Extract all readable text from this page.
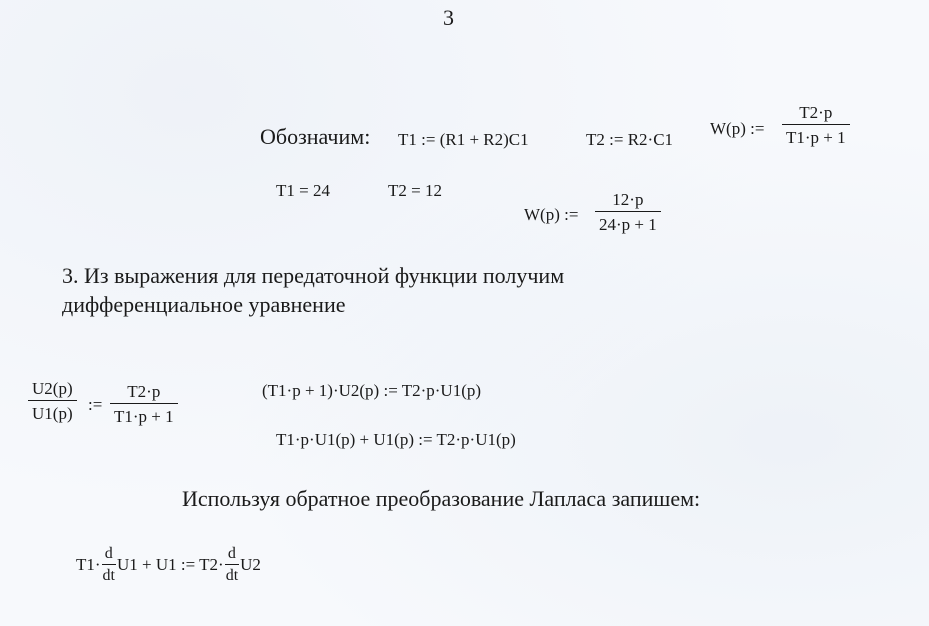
3
Обозначим: T1 := (R1 + R2)C1	T2 := R2·C1
W(p) :=
T2·p
T1·p + 1
T1 = 24	T2 = 12
W(p) :=
12·p
24·p + 1
3. Из выражения для передаточной функции получим
дифференциальное уравнение
U2(p)
U1(p) :=
T2·p
T1·p + 1
(T1·p + 1)·U2(p) := T2·p·U1(p)
T1·p·U1(p) + U1(p) := T2·p·U1(p)
Используя обратное преобразование Лапласа запишем:
$T1\cdot \frac{d}{dt} U1 + U1$ := $T2\cdot \frac{d}{dt} U2$
